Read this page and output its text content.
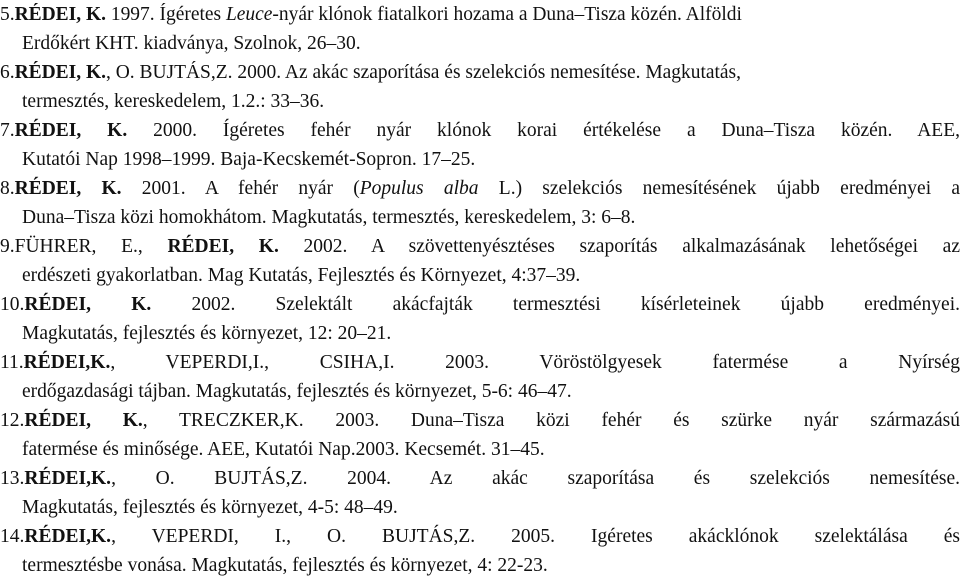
5.RÉDEI, K. 1997. Ígéretes Leuce-nyár klónok fiatalkori hozama a Duna–Tisza közén. Alföldi
Erdőkért KHT. kiadványa, Szolnok, 26–30.
6.RÉDEI, K., O. BUJTÁS,Z. 2000. Az akác szaporítása és szelekciós nemesítése. Magkutatás,
termesztés, kereskedelem, 1.2.: 33–36.
7.RÉDEI, K. 2000. Ígéretes fehér nyár klónok korai értékelése a Duna–Tisza közén. AEE,
Kutatói Nap 1998–1999. Baja-Kecskemét-Sopron. 17–25.
8.RÉDEI, K. 2001. A fehér nyár (Populus alba L.) szelekciós nemesítésének újabb eredményei a
Duna–Tisza közi homokhátom. Magkutatás, termesztés, kereskedelem, 3: 6–8.
9.FÜHRER, E., RÉDEI, K. 2002. A szövettenyésztéses szaporítás alkalmazásának lehetőségei az
erdészeti gyakorlatban. Mag Kutatás, Fejlesztés és Környezet, 4:37–39.
10.RÉDEI, K. 2002. Szelektált akácfajták termesztési kísérleteinek újabb eredményei.
Magkutatás, fejlesztés és környezet, 12: 20–21.
11.RÉDEI,K., VEPERDI,I., CSIHA,I. 2003. Vöröstölgyesek fatermése a Nyírség
erdőgazdasági tájban. Magkutatás, fejlesztés és környezet, 5-6: 46–47.
12.RÉDEI, K., TRECZKER,K. 2003. Duna–Tisza közi fehér és szürke nyár származású
fatermése és minősége. AEE, Kutatói Nap.2003. Kecsemét. 31–45.
13.RÉDEI,K., O. BUJTÁS,Z. 2004. Az akác szaporítása és szelekciós nemesítése.
Magkutatás, fejlesztés és környezet, 4-5: 48–49.
14.RÉDEI,K., VEPERDI, I., O. BUJTÁS,Z. 2005. Igéretes akácklónok szelektálása és
termesztésbe vonása. Magkutatás, fejlesztés és környezet, 4: 22-23.
